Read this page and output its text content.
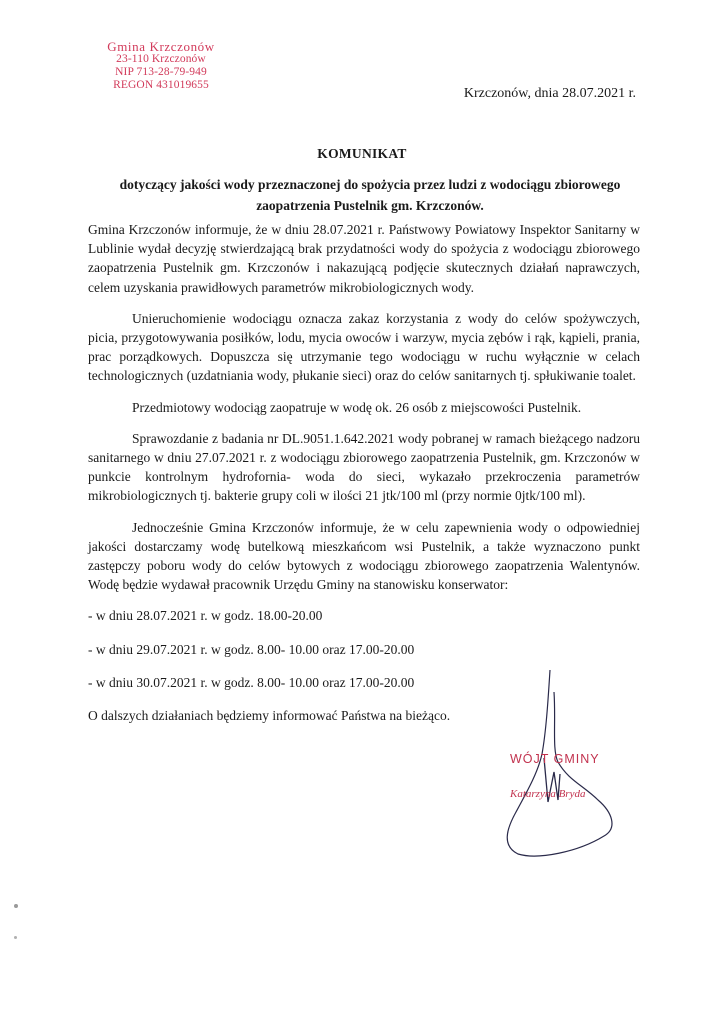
Gmina Krzczonów
23-110 Krzczonów
NIP 713-28-79-949
REGON 431019655
Krzczonów, dnia 28.07.2021 r.
KOMUNIKAT
dotyczący jakości wody przeznaczonej do spożycia przez ludzi z wodociągu zbiorowego zaopatrzenia Pustelnik gm. Krzczonów.

Gmina Krzczonów informuje, że w dniu 28.07.2021 r. Państwowy Powiatowy Inspektor Sanitarny w Lublinie wydał decyzję stwierdzającą brak przydatności wody do spożycia z wodociągu zbiorowego zaopatrzenia Pustelnik gm. Krzczonów i nakazującą podjęcie skutecznych działań naprawczych, celem uzyskania prawidłowych parametrów mikrobiologicznych wody.

Unieruchomienie wodociągu oznacza zakaz korzystania z wody do celów spożywczych, picia, przygotowywania posiłków, lodu, mycia owoców i warzyw, mycia zębów i rąk, kąpieli, prania, prac porządkowych. Dopuszcza się utrzymanie tego wodociągu w ruchu wyłącznie w celach technologicznych (uzdatniania wody, płukanie sieci) oraz do celów sanitarnych tj. spłukiwanie toalet.

Przedmiotowy wodociąg zaopatruje w wodę ok. 26 osób z miejscowości Pustelnik.

Sprawozdanie z badania nr DL.9051.1.642.2021 wody pobranej w ramach bieżącego nadzoru sanitarnego w dniu 27.07.2021 r. z wodociągu zbiorowego zaopatrzenia Pustelnik, gm. Krzczonów w punkcie kontrolnym hydrofornia- woda do sieci, wykazało przekroczenia parametrów mikrobiologicznych tj. bakterie grupy coli w ilości 21 jtk/100 ml (przy normie 0jtk/100 ml).

Jednocześnie Gmina Krzczonów informuje, że w celu zapewnienia wody o odpowiedniej jakości dostarczamy wodę butelkową mieszkańcom wsi Pustelnik, a także wyznaczono punkt zastępczy poboru wody do celów bytowych z wodociągu zbiorowego zaopatrzenia Walentynów. Wodę będzie wydawał pracownik Urzędu Gminy na stanowisku konserwator:

- w dniu 28.07.2021 r. w godz. 18.00-20.00

- w dniu 29.07.2021 r. w godz. 8.00- 10.00 oraz 17.00-20.00

- w dniu 30.07.2021 r. w godz. 8.00- 10.00 oraz 17.00-20.00

O dalszych działaniach będziemy informować Państwa na bieżąco.

WÓJT GMINY
Katarzyna Bryda
